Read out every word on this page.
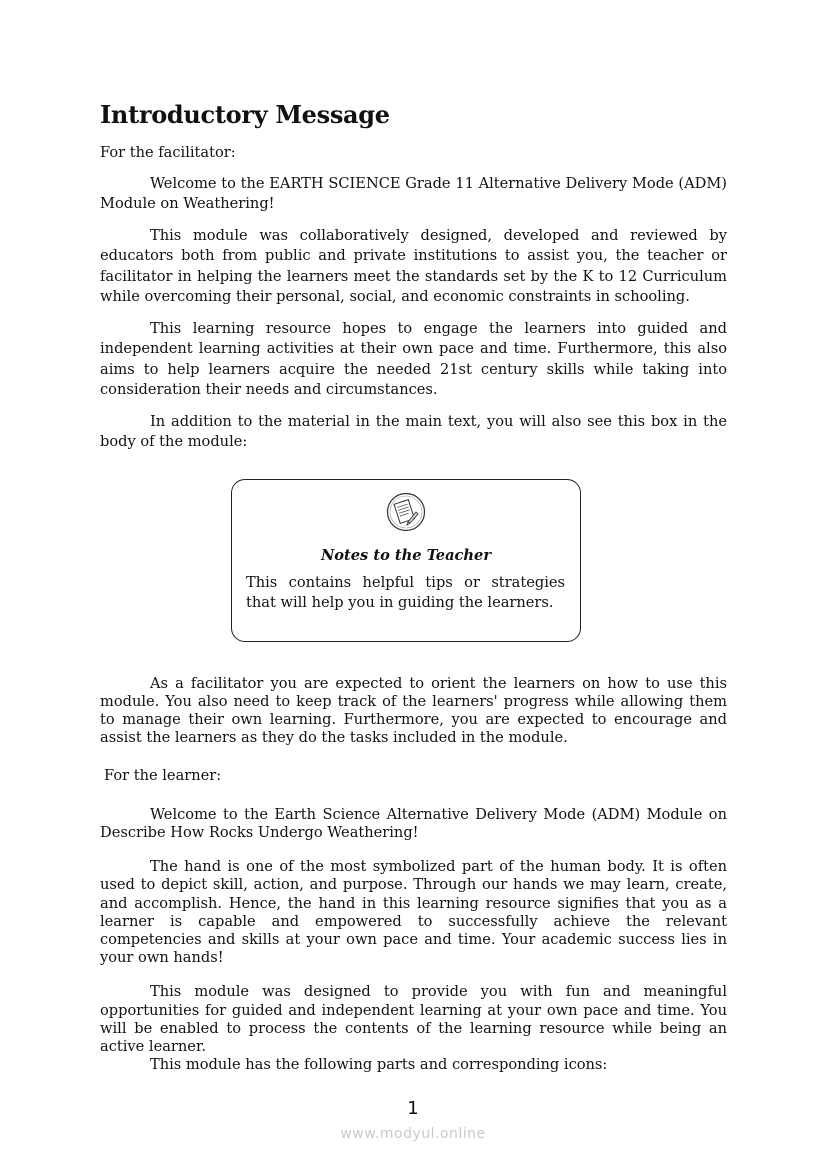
Introductory Message

For the facilitator:

Welcome to the EARTH SCIENCE Grade 11 Alternative Delivery Mode (ADM) Module on Weathering!

This module was collaboratively designed, developed and reviewed by educators both from public and private institutions to assist you, the teacher or facilitator in helping the learners meet the standards set by the K to 12 Curriculum while overcoming their personal, social, and economic constraints in schooling.

This learning resource hopes to engage the learners into guided and independent learning activities at their own pace and time. Furthermore, this also aims to help learners acquire the needed 21st century skills while taking into consideration their needs and circumstances.

In addition to the material in the main text, you will also see this box in the body of the module:

Notes to the Teacher
This contains helpful tips or strategies that will help you in guiding the learners.

As a facilitator you are expected to orient the learners on how to use this module. You also need to keep track of the learners' progress while allowing them to manage their own learning. Furthermore, you are expected to encourage and assist the learners as they do the tasks included in the module.

For the learner:

Welcome to the Earth Science Alternative Delivery Mode (ADM) Module on Describe How Rocks Undergo Weathering!

The hand is one of the most symbolized part of the human body. It is often used to depict skill, action, and purpose. Through our hands we may learn, create, and accomplish. Hence, the hand in this learning resource signifies that you as a learner is capable and empowered to successfully achieve the relevant competencies and skills at your own pace and time. Your academic success lies in your own hands!

This module was designed to provide you with fun and meaningful opportunities for guided and independent learning at your own pace and time. You will be enabled to process the contents of the learning resource while being an active learner.

This module has the following parts and corresponding icons:

1
www.modyul.online
